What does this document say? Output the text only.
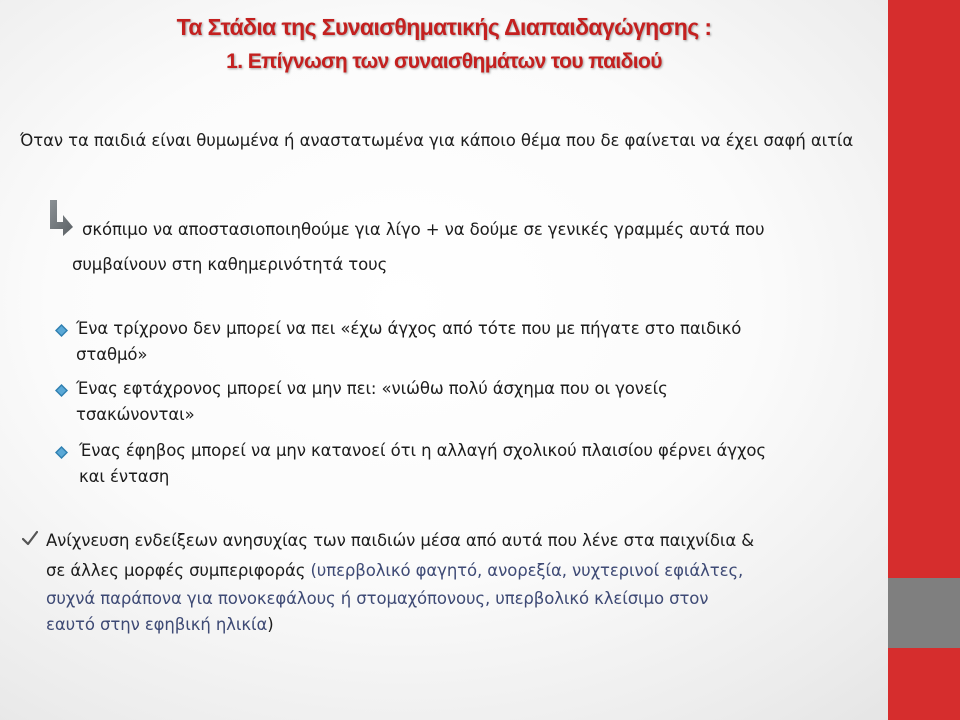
Τα Στάδια της Συναισθηματικής Διαπαιδαγώγησης :
1. Επίγνωση των συναισθημάτων του παιδιού
Όταν τα παιδιά είναι θυμωμένα ή αναστατωμένα για κάποιο θέμα που δε φαίνεται να έχει σαφή αιτία
σκόπιμο να αποστασιοποιηθούμε για λίγο + να δούμε σε γενικές γραμμές αυτά που
συμβαίνουν στη καθημερινότητά τους
Ένα τρίχρονο δεν μπορεί να πει «έχω άγχος από τότε που με πήγατε στο παιδικό
σταθμό»
Ένας εφτάχρονος μπορεί να μην πει: «νιώθω πολύ άσχημα που οι γονείς
τσακώνονται»
Ένας έφηβος μπορεί να μην κατανοεί ότι η αλλαγή σχολικού πλαισίου φέρνει άγχος
και ένταση
Ανίχνευση ενδείξεων ανησυχίας των παιδιών μέσα από αυτά που λένε στα παιχνίδια &
σε άλλες μορφές συμπεριφοράς (υπερβολικό φαγητό, ανορεξία, νυχτερινοί εφιάλτες,
συχνά παράπονα για πονοκεφάλους ή στομαχόπονους, υπερβολικό κλείσιμο στον
εαυτό στην εφηβική ηλικία)
